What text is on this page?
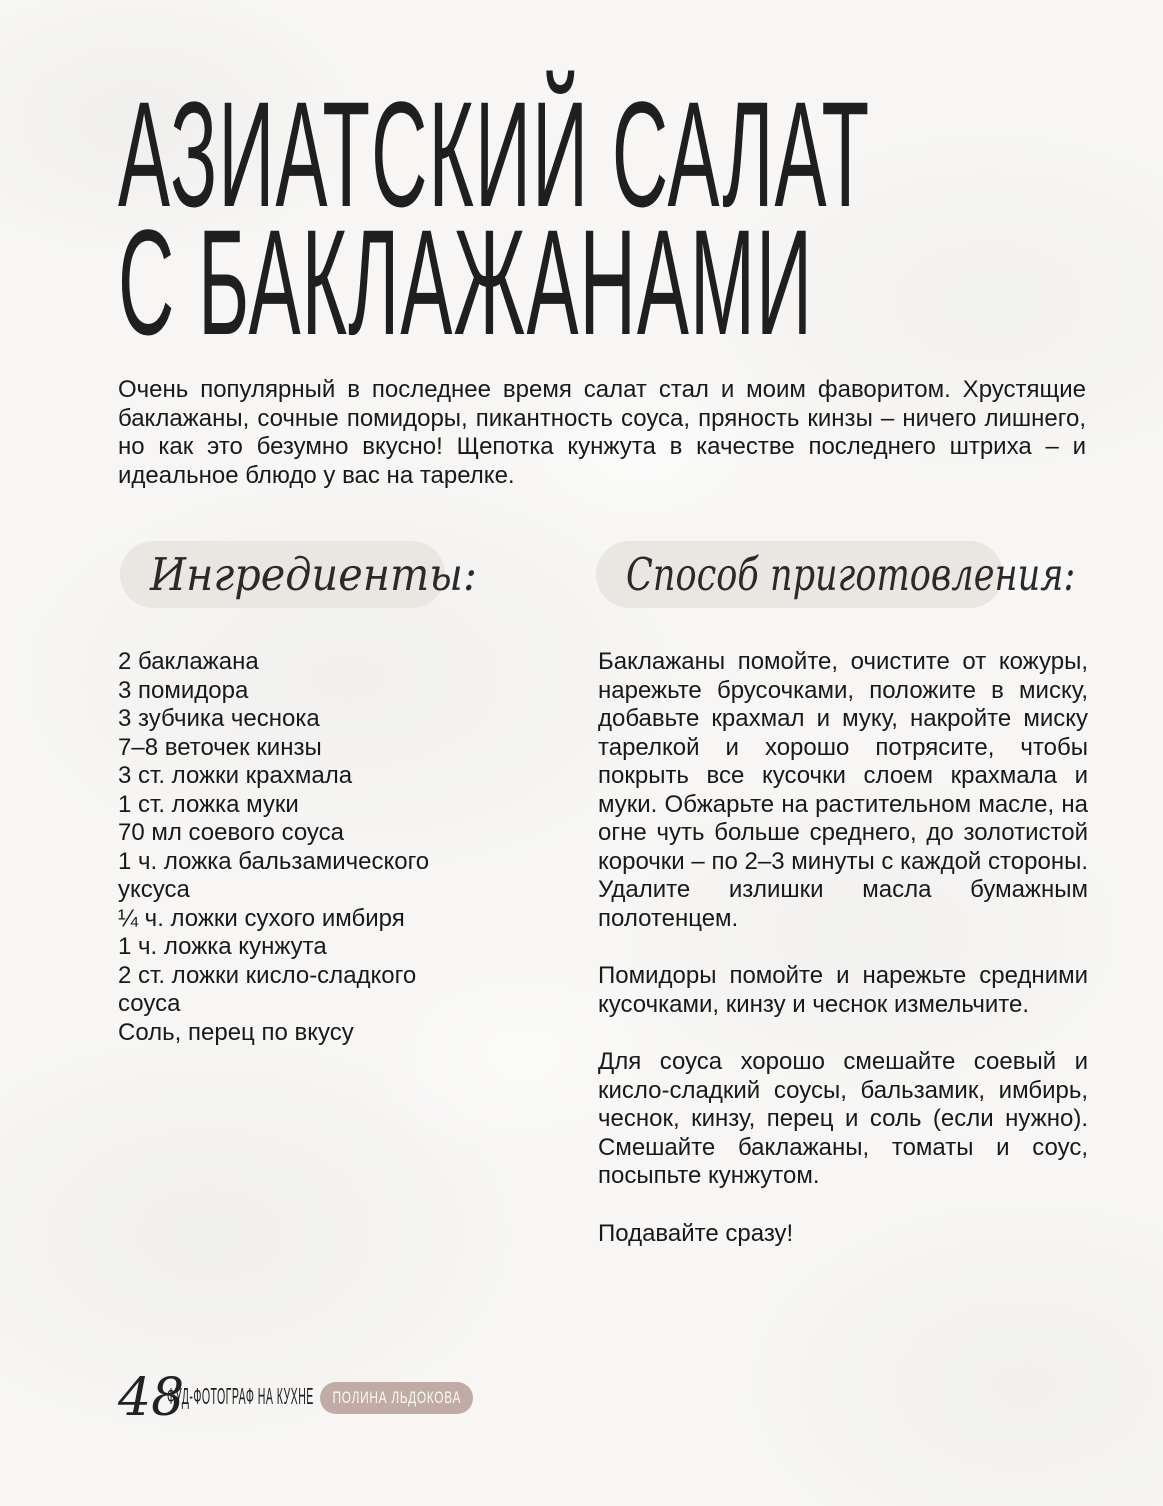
АЗИАТСКИЙ САЛАТ
С БАКЛАЖАНАМИ

Очень популярный в последнее время салат стал и моим фаворитом. Хрустящие баклажаны, сочные помидоры, пикантность соуса, пряность кинзы – ничего лишнего, но как это безумно вкусно! Щепотка кунжута в качестве последнего штриха – и идеальное блюдо у вас на тарелке.

Ингредиенты:
2 баклажана
3 помидора
3 зубчика чеснока
7–8 веточек кинзы
3 ст. ложки крахмала
1 ст. ложка муки
70 мл соевого соуса
1 ч. ложка бальзамического уксуса
¼ ч. ложки сухого имбиря
1 ч. ложка кунжута
2 ст. ложки кисло-сладкого соуса
Соль, перец по вкусу
Способ приготовления:

Баклажаны помойте, очистите от кожуры, нарежьте брусочками, положите в миску, добавьте крахмал и муку, накройте миску тарелкой и хорошо потрясите, чтобы покрыть все кусочки слоем крахмала и муки. Обжарьте на растительном масле, на огне чуть больше среднего, до золотистой корочки – по 2–3 минуты с каждой стороны. Удалите излишки масла бумажным полотенцем.

Помидоры помойте и нарежьте средними кусочками, кинзу и чеснок измельчите.

Для соуса хорошо смешайте соевый и кисло-сладкий соусы, бальзамик, имбирь, чеснок, кинзу, перец и соль (если нужно). Смешайте баклажаны, томаты и соус, посыпьте кунжутом.

Подавайте сразу!

48
ФУД-ФОТОГРАФ НА КУХНЕ ПОЛИНА ЛЬДОКОВА
